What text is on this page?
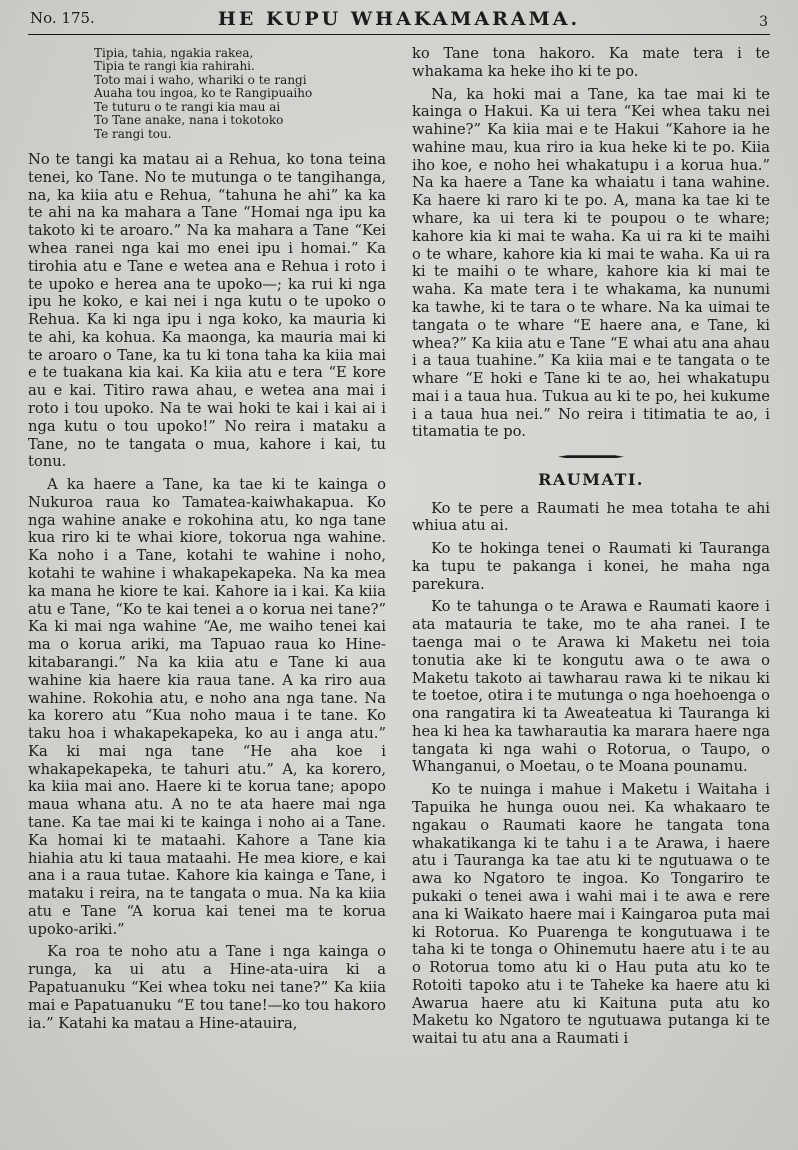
No. 175.	HE KUPU WHAKAMARAMA.	3
Tipia, tahia, ngakia rakea,
Tipia te rangi kia rahirahi.
Toto mai i waho, whariki o te rangi
Auaha tou ingoa, ko te Rangipuaiho
Te tuturu o te rangi kia mau ai
To Tane anake, nana i tokotoko
Te rangi tou.

No te tangi ka matau ai a Rehua, ko tona teina tenei, ko Tane. No te mutunga o te tangihanga, na, ka kiia atu e Rehua, “tahuna he ahi” ka ka te ahi na ka mahara a Tane “Homai nga ipu ka takoto ki te aroaro.” Na ka mahara a Tane “Kei whea ranei nga kai mo enei ipu i homai.” Ka tirohia atu e Tane e wetea ana e Rehua i roto i te upoko e herea ana te upoko—; ka rui ki nga ipu he koko, e kai nei i nga kutu o te upoko o Rehua. Ka ki nga ipu i nga koko, ka mauria ki te ahi, ka kohua. Ka maonga, ka mauria mai ki te aroaro o Tane, ka tu ki tona taha ka kiia mai e te tuakana kia kai. Ka kiia atu e tera “E kore au e kai. Titiro rawa ahau, e wetea ana mai i roto i tou upoko. Na te wai hoki te kai i kai ai i nga kutu o tou upoko!” No reira i mataku a Tane, no te tangata o mua, kahore i kai, tu tonu.

A ka haere a Tane, ka tae ki te kainga o Nukuroa raua ko Tamatea-kaiwhakapua. Ko nga wahine anake e rokohina atu, ko nga tane kua riro ki te whai kiore, tokorua nga wahine. Ka noho i a Tane, kotahi te wahine i noho, kotahi te wahine i whakapekapeka. Na ka mea ka mana he kiore te kai. Kahore ia i kai. Ka kiia atu e Tane, “Ko te kai tenei a o korua nei tane?” Ka ki mai nga wahine “Ae, me waiho tenei kai ma o korua ariki, ma Tapuao raua ko Hine-kitabarangi.” Na ka kiia atu e Tane ki aua wahine kia haere kia raua tane. A ka riro aua wahine. Rokohia atu, e noho ana nga tane. Na ka korero atu “Kua noho maua i te tane. Ko taku hoa i whakapekapeka, ko au i anga atu.” Ka ki mai nga tane “He aha koe i whakapekapeka, te tahuri atu.” A, ka korero, ka kiia mai ano. Haere ki te korua tane; apopo maua whana atu. A no te ata haere mai nga tane. Ka tae mai ki te kainga i noho ai a Tane. Ka homai ki te mataahi. Kahore a Tane kia hiahia atu ki taua mataahi. He mea kiore, e kai ana i a raua tutae. Kahore kia kainga e Tane, i mataku i reira, na te tangata o mua. Na ka kiia atu e Tane “A korua kai tenei ma te korua upoko-ariki.”

Ka roa te noho atu a Tane i nga kainga o runga, ka ui atu a Hine-ata-uira ki a Papatuanuku “Kei whea toku nei tane?” Ka kiia mai e Papatuanuku “E tou tane!—ko tou hakoro ia.” Katahi ka matau a Hine-atauira,

ko Tane tona hakoro. Ka mate tera i te whakama ka heke iho ki te po.

Na, ka hoki mai a Tane, ka tae mai ki te kainga o Hakui. Ka ui tera “Kei whea taku nei wahine?” Ka kiia mai e te Hakui “Kahore ia he wahine mau, kua riro ia kua heke ki te po. Kiia iho koe, e noho hei whakatupu i a korua hua.” Na ka haere a Tane ka whaiatu i tana wahine. Ka haere ki raro ki te po. A, mana ka tae ki te whare, ka ui tera ki te poupou o te whare; kahore kia ki mai te waha. Ka ui ra ki te maihi o te whare, kahore kia ki mai te waha. Ka ui ra ki te maihi o te whare, kahore kia ki mai te waha. Ka mate tera i te whakama, ka nunumi ka tawhe, ki te tara o te whare. Na ka uimai te tangata o te whare “E haere ana, e Tane, ki whea?” Ka kiia atu e Tane “E whai atu ana ahau i a taua tuahine.” Ka kiia mai e te tangata o te whare “E hoki e Tane ki te ao, hei whakatupu mai i a taua hua. Tukua au ki te po, hei kukume i a taua hua nei.” No reira i titimatia te ao, i titamatia te po.

RAUMATI.

Ko te pere a Raumati he mea totaha te ahi whiua atu ai.

Ko te hokinga tenei o Raumati ki Tauranga ka tupu te pakanga i konei, he maha nga parekura.

Ko te tahunga o te Arawa e Raumati kaore i ata matauria te take, mo te aha ranei. I te taenga mai o te Arawa ki Maketu nei toia tonutia ake ki te kongutu awa o te awa o Maketu takoto ai tawharau rawa ki te nikau ki te toetoe, otira i te mutunga o nga hoehoenga o ona rangatira ki ta Aweateatua ki Tauranga ki hea ki hea ka tawharautia ka marara haere nga tangata ki nga wahi o Rotorua, o Taupo, o Whanganui, o Moetau, o te Moana pounamu.

Ko te nuinga i mahue i Maketu i Waitaha i Tapuika he hunga ouou nei. Ka whakaaro te ngakau o Raumati kaore he tangata tona whakatikanga ki te tahu i a te Arawa, i haere atu i Tauranga ka tae atu ki te ngutuawa o te awa ko Ngatoro te ingoa. Ko Tongariro te pukaki o tenei awa i wahi mai i te awa e rere ana ki Waikato haere mai i Kaingaroa puta mai ki Rotorua. Ko Puarenga te kongutuawa i te taha ki te tonga o Ohinemutu haere atu i te au o Rotorua tomo atu ki o Hau puta atu ko te Rotoiti tapoko atu i te Taheke ka haere atu ki Awarua haere atu ki Kaituna puta atu ko Maketu ko Ngatoro te ngutuawa putanga ki te waitai tu atu ana a Raumati i
